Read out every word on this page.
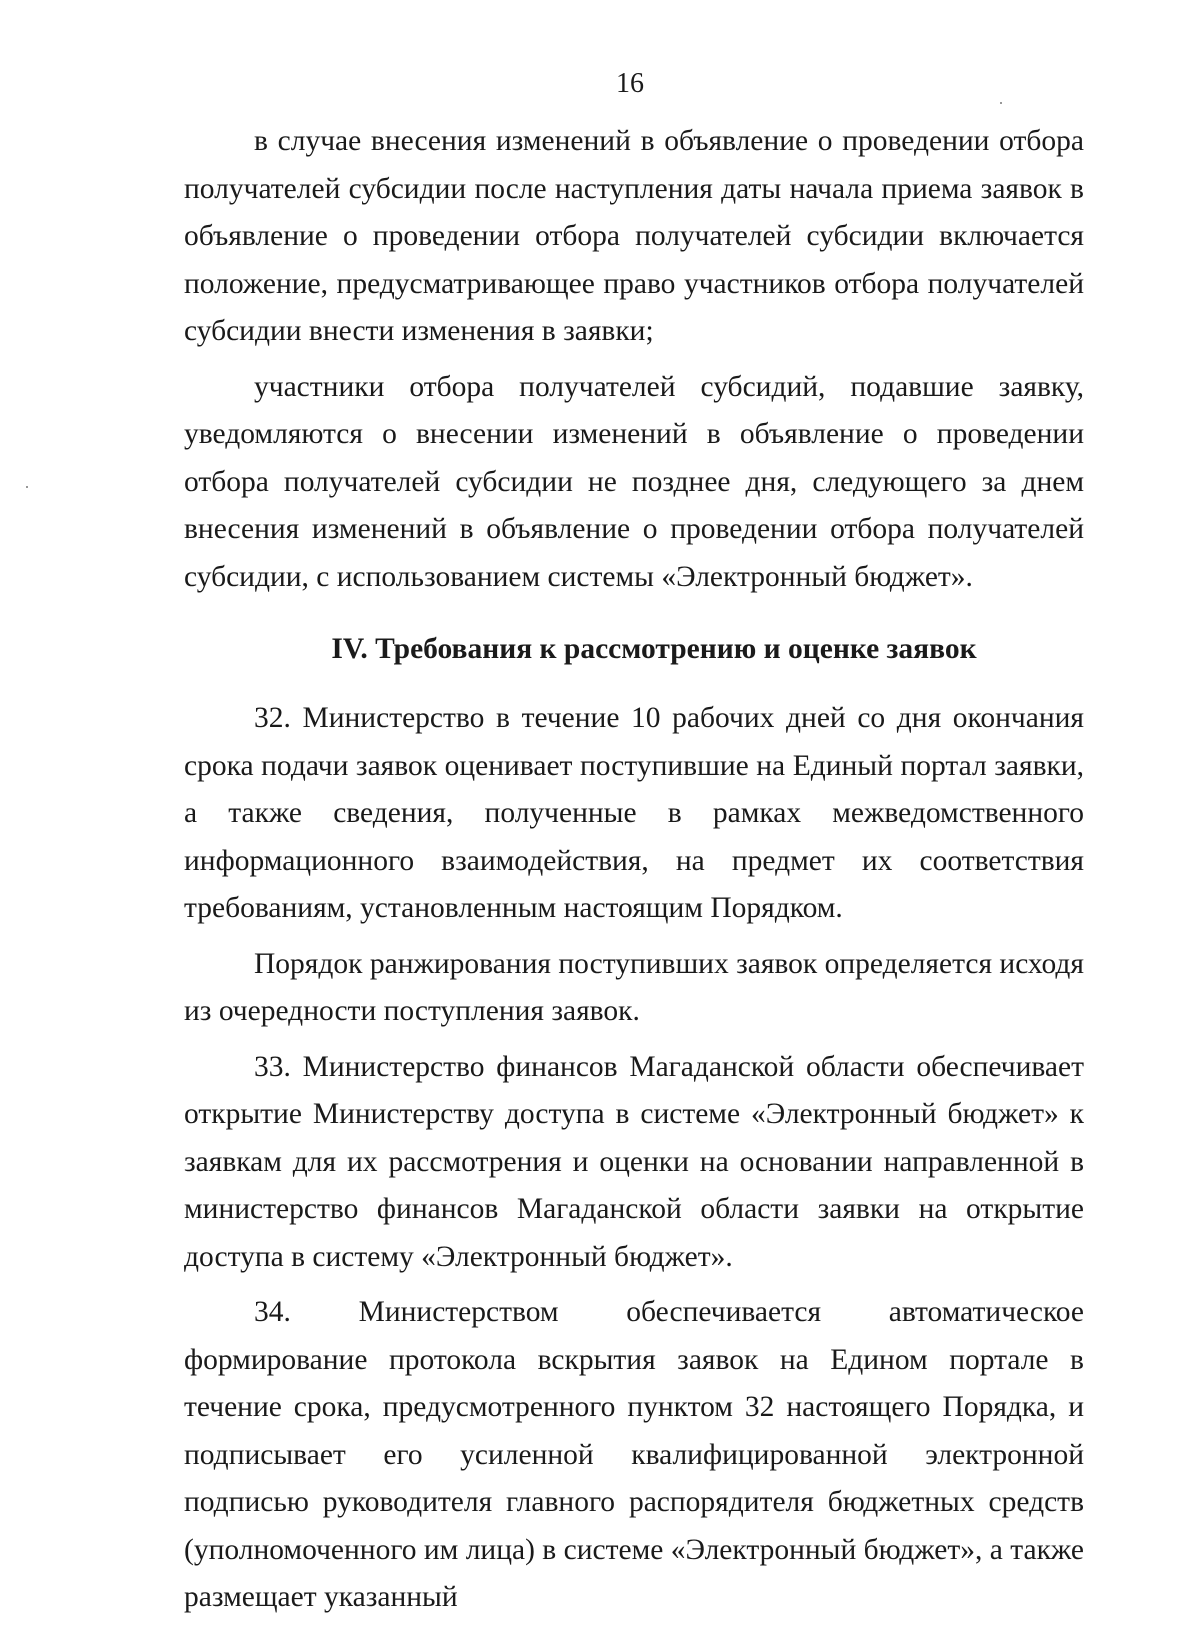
16

в случае внесения изменений в объявление о проведении отбора получателей субсидии после наступления даты начала приема заявок в объявление о проведении отбора получателей субсидии включается положение, предусматривающее право участников отбора получателей субсидии внести изменения в заявки;

участники отбора получателей субсидий, подавшие заявку, уведомляются о внесении изменений в объявление о проведении отбора получателей субсидии не позднее дня, следующего за днем внесения изменений в объявление о проведении отбора получателей субсидии, с использованием системы «Электронный бюджет».

IV. Требования к рассмотрению и оценке заявок

32. Министерство в течение 10 рабочих дней со дня окончания срока подачи заявок оценивает поступившие на Единый портал заявки, а также сведения, полученные в рамках межведомственного информационного взаимодействия, на предмет их соответствия требованиям, установленным настоящим Порядком.

Порядок ранжирования поступивших заявок определяется исходя из очередности поступления заявок.

33. Министерство финансов Магаданской области обеспечивает открытие Министерству доступа в системе «Электронный бюджет» к заявкам для их рассмотрения и оценки на основании направленной в министерство финансов Магаданской области заявки на открытие доступа в систему «Электронный бюджет».

34. Министерством обеспечивается автоматическое формирование протокола вскрытия заявок на Едином портале в течение срока, предусмотренного пунктом 32 настоящего Порядка, и подписывает его усиленной квалифицированной электронной подписью руководителя главного распорядителя бюджетных средств (уполномоченного им лица) в системе «Электронный бюджет», а также размещает указанный
